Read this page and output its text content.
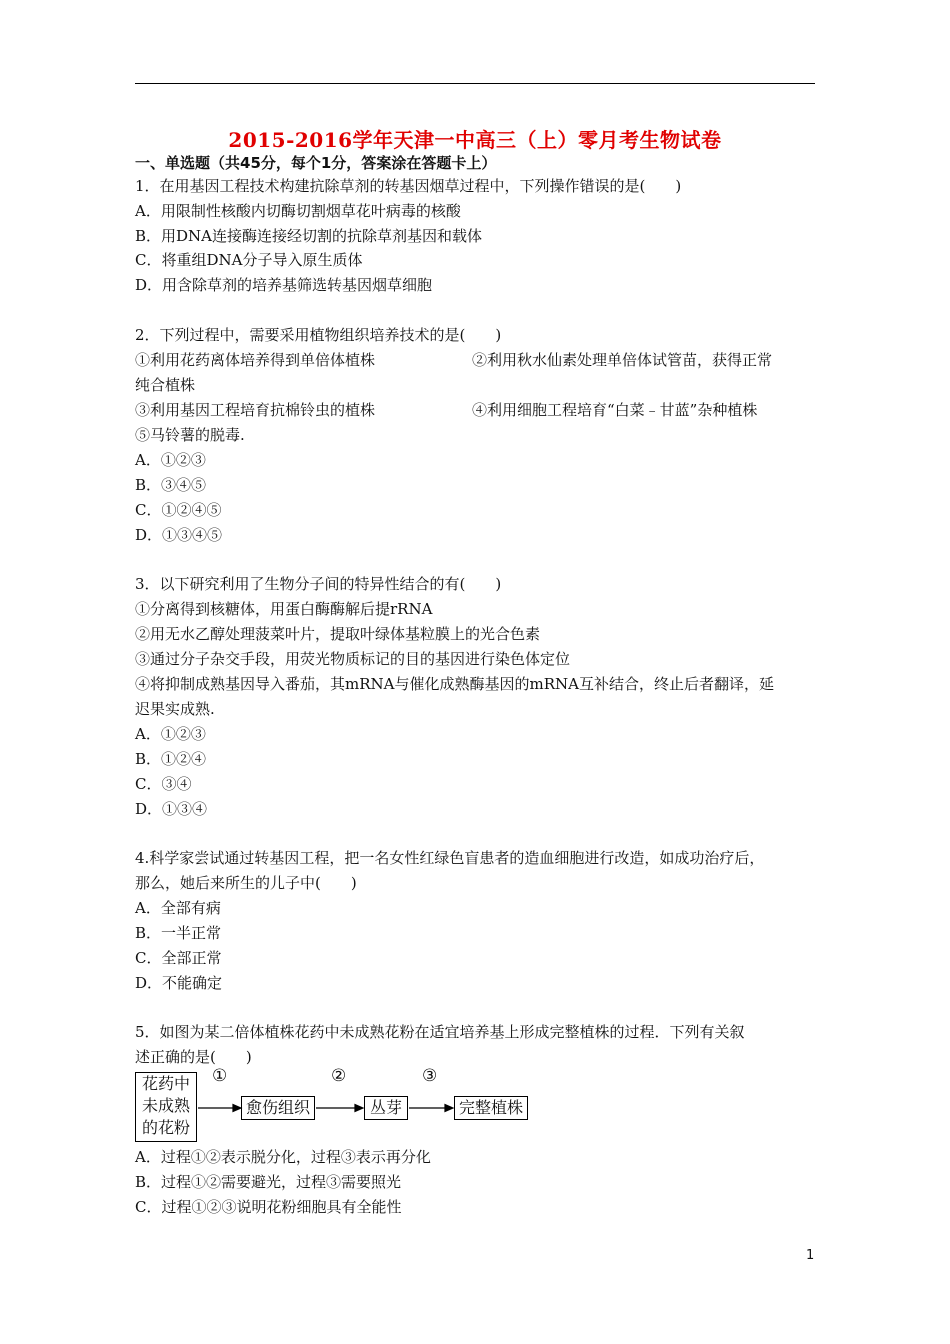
2015-2016学年天津一中高三（上）零月考生物试卷
一、单选题（共45分，每个1分，答案涂在答题卡上）
1．在用基因工程技术构建抗除草剂的转基因烟草过程中，下列操作错误的是(　　)
A．用限制性核酸内切酶切割烟草花叶病毒的核酸
B．用DNA连接酶连接经切割的抗除草剂基因和载体
C．将重组DNA分子导入原生质体
D．用含除草剂的培养基筛选转基因烟草细胞
2．下列过程中，需要采用植物组织培养技术的是(　　)
①利用花药离体培养得到单倍体植株	②利用秋水仙素处理单倍体试管苗，获得正常
纯合植株
③利用基因工程培育抗棉铃虫的植株	④利用细胞工程培育“白菜﹣甘蓝”杂种植株
⑤马铃薯的脱毒.
A．①②③
B．③④⑤
C．①②④⑤
D．①③④⑤
3．以下研究利用了生物分子间的特异性结合的有(　　)
①分离得到核糖体，用蛋白酶酶解后提rRNA
②用无水乙醇处理菠菜叶片，提取叶绿体基粒膜上的光合色素
③通过分子杂交手段，用荧光物质标记的目的基因进行染色体定位
④将抑制成熟基因导入番茄，其mRNA与催化成熟酶基因的mRNA互补结合，终止后者翻译，延
迟果实成熟.
A．①②③
B．①②④
C．③④
D．①③④
4.科学家尝试通过转基因工程，把一名女性红绿色盲患者的造血细胞进行改造，如成功治疗后，
那么，她后来所生的儿子中(　　)
A．全部有病
B．一半正常
C．全部正常
D．不能确定
5．如图为某二倍体植株花药中未成熟花粉在适宜培养基上形成完整植株的过程．下列有关叙
述正确的是(　　)
花药中
未成熟
的花粉
①
愈伤组织
②
丛芽
③
完整植株
A．过程①②表示脱分化，过程③表示再分化
B．过程①②需要避光，过程③需要照光
C．过程①②③说明花粉细胞具有全能性
1
